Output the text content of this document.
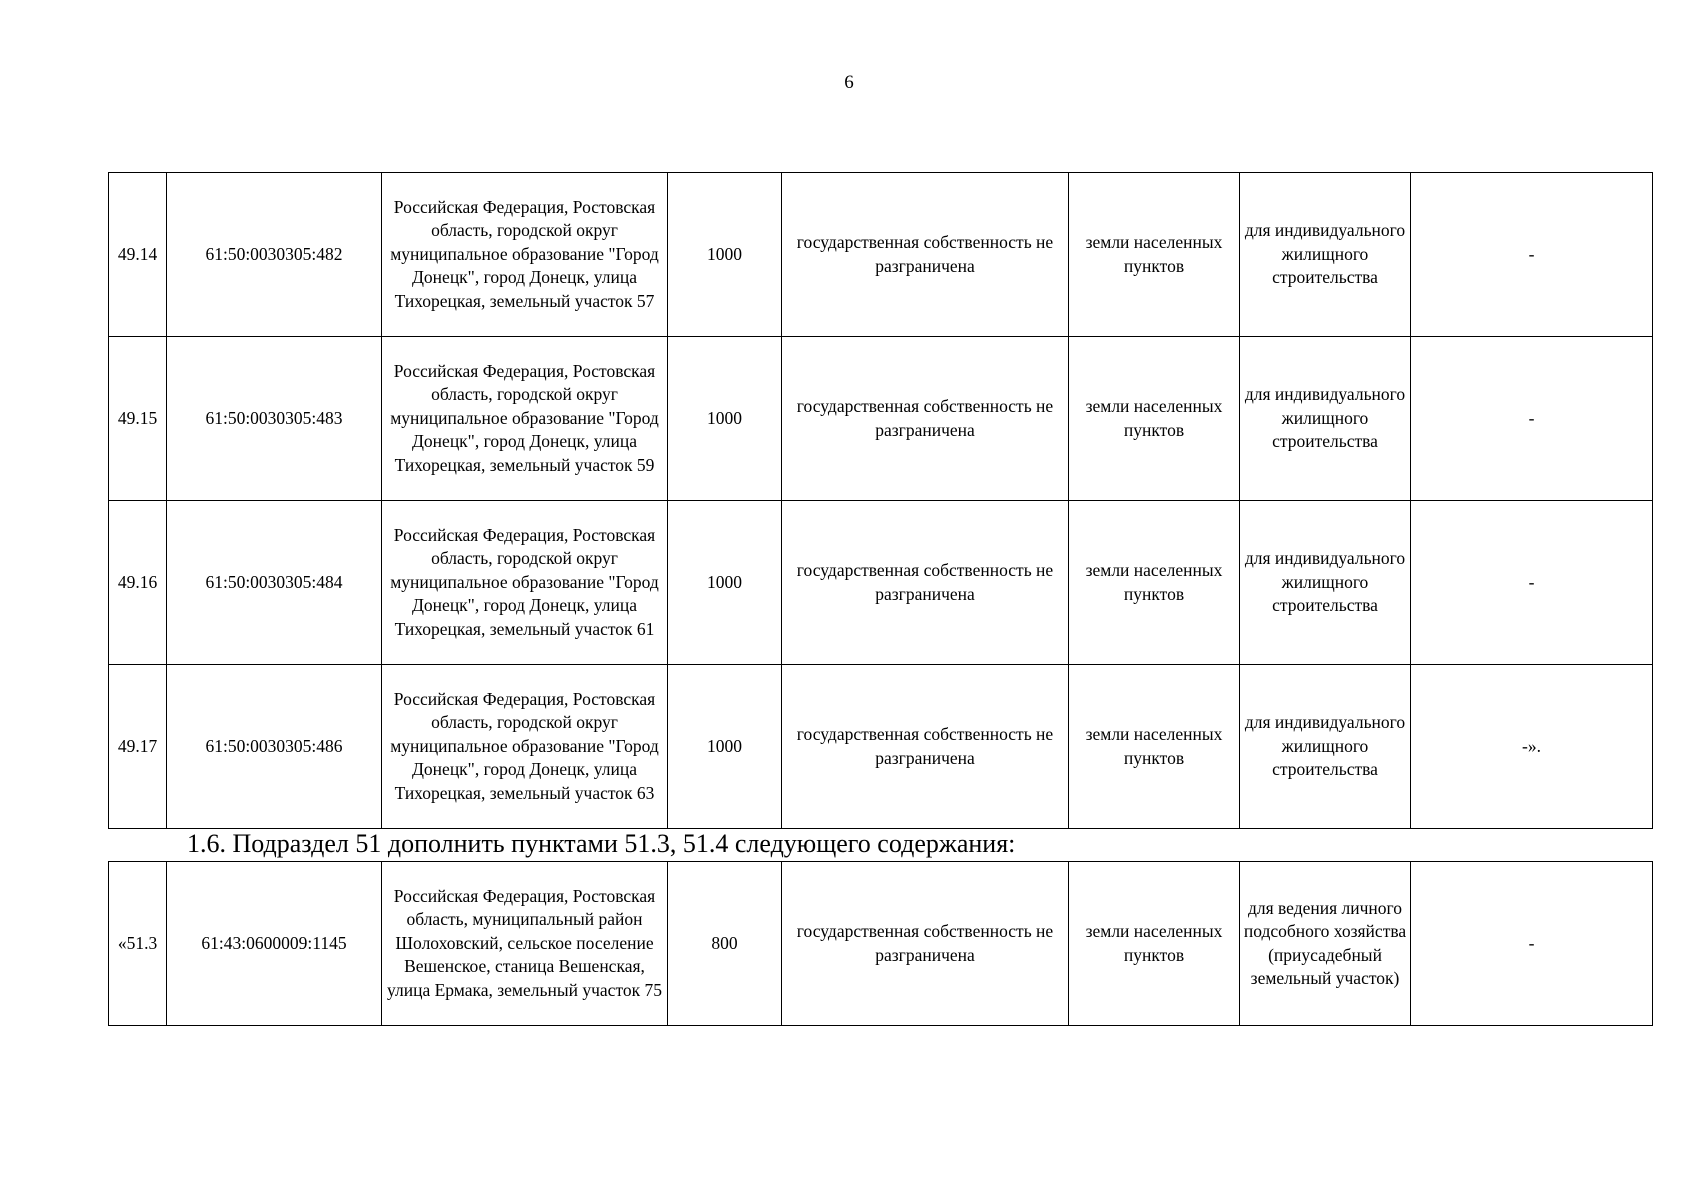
6
49.14	61:50:0030305:482	Российская Федерация, Ростовская область, городской округ муниципальное образование "Город Донецк", город Донецк, улица Тихорецкая, земельный участок 57	1000	государственная собственность не разграничена	земли населенных пунктов	для индивидуального жилищного строительства	-
49.15	61:50:0030305:483	Российская Федерация, Ростовская область, городской округ муниципальное образование "Город Донецк", город Донецк, улица Тихорецкая, земельный участок 59	1000	государственная собственность не разграничена	земли населенных пунктов	для индивидуального жилищного строительства	-
49.16	61:50:0030305:484	Российская Федерация, Ростовская область, городской округ муниципальное образование "Город Донецк", город Донецк, улица Тихорецкая, земельный участок 61	1000	государственная собственность не разграничена	земли населенных пунктов	для индивидуального жилищного строительства	-
49.17	61:50:0030305:486	Российская Федерация, Ростовская область, городской округ муниципальное образование "Город Донецк", город Донецк, улица Тихорецкая, земельный участок 63	1000	государственная собственность не разграничена	земли населенных пунктов	для индивидуального жилищного строительства	-».
1.6. Подраздел 51 дополнить пунктами 51.3, 51.4 следующего содержания:
«51.3	61:43:0600009:1145	Российская Федерация, Ростовская область, муниципальный район Шолоховский, сельское поселение Вешенское, станица Вешенская, улица Ермака, земельный участок 75	800	государственная собственность не разграничена	земли населенных пунктов	для ведения личного подсобного хозяйства (приусадебный земельный участок)	-
